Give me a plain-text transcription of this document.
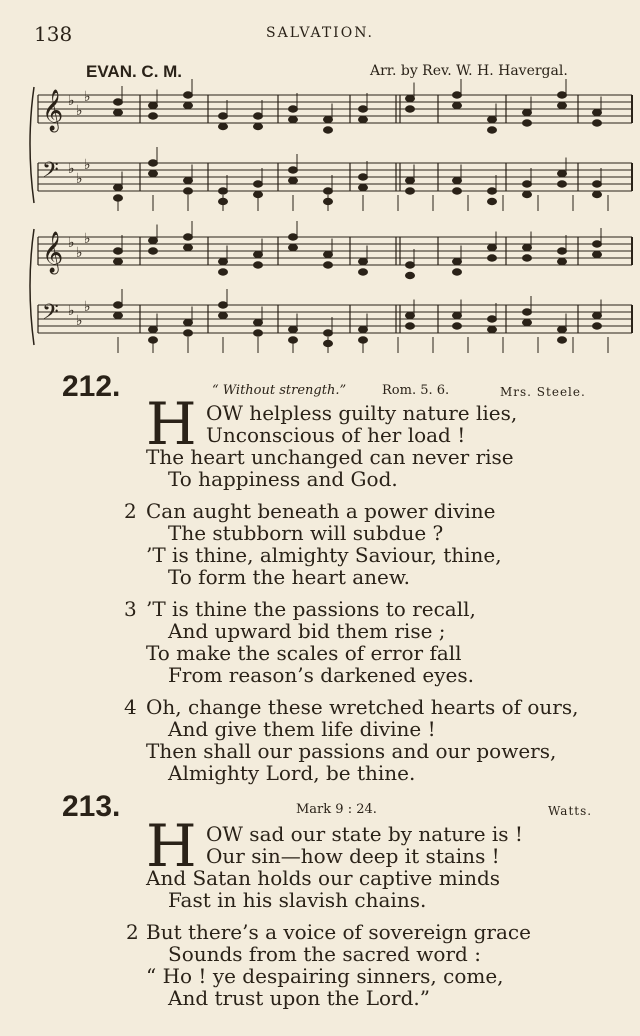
138	SALVATION.
EVAN. C. M.	Arr. by Rev. W. H. Havergal.
𝄞 ♭
♭
♭
𝄢 ♭
♭
♭
𝄞 ♭
♭
♭
𝄢 ♭
♭
♭
212.	“ Without strength.”	Rom. 5. 6.	Mrs. Steele.
H OW helpless guilty nature lies,
Unconscious of her load !
The heart unchanged can never rise
To happiness and God.
2 Can aught beneath a power divine
The stubborn will subdue ?
’T is thine, almighty Saviour, thine,
To form the heart anew.
3 ’T is thine the passions to recall,
And upward bid them rise ;
To make the scales of error fall
From reason’s darkened eyes.
4 Oh, change these wretched hearts of ours,
And give them life divine !
Then shall our passions and our powers,
Almighty Lord, be thine.
213.	Mark 9 : 24.	Watts.
H OW sad our state by nature is !
Our sin—how deep it stains !
And Satan holds our captive minds
Fast in his slavish chains.
2 But there’s a voice of sovereign grace
Sounds from the sacred word :
“ Ho ! ye despairing sinners, come,
And trust upon the Lord.”
